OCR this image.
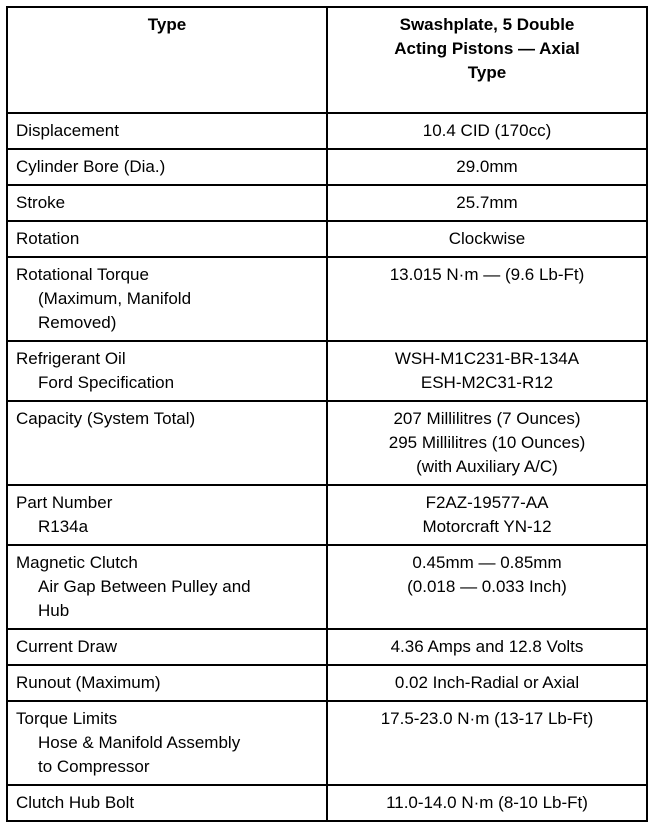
Type	Swashplate, 5 Double
Acting Pistons — Axial
Type

Displacement	10.4 CID (170cc)

Cylinder Bore (Dia.)	29.0mm

Stroke	25.7mm

Rotation	Clockwise

Rotational Torque
(Maximum, Manifold
Removed)	13.015 N·m — (9.6 Lb-Ft)

Refrigerant Oil
Ford Specification	WSH-M1C231-BR-134A
ESH-M2C31-R12

Capacity (System Total)	207 Millilitres (7 Ounces)
295 Millilitres (10 Ounces)
(with Auxiliary A/C)

Part Number
R134a	F2AZ-19577-AA
Motorcraft YN-12

Magnetic Clutch
Air Gap Between Pulley and
Hub	0.45mm — 0.85mm
(0.018 — 0.033 Inch)

Current Draw	4.36 Amps and 12.8 Volts

Runout (Maximum)	0.02 Inch-Radial or Axial

Torque Limits
Hose & Manifold Assembly
to Compressor	17.5-23.0 N·m (13-17 Lb-Ft)

Clutch Hub Bolt	11.0-14.0 N·m (8-10 Lb-Ft)
